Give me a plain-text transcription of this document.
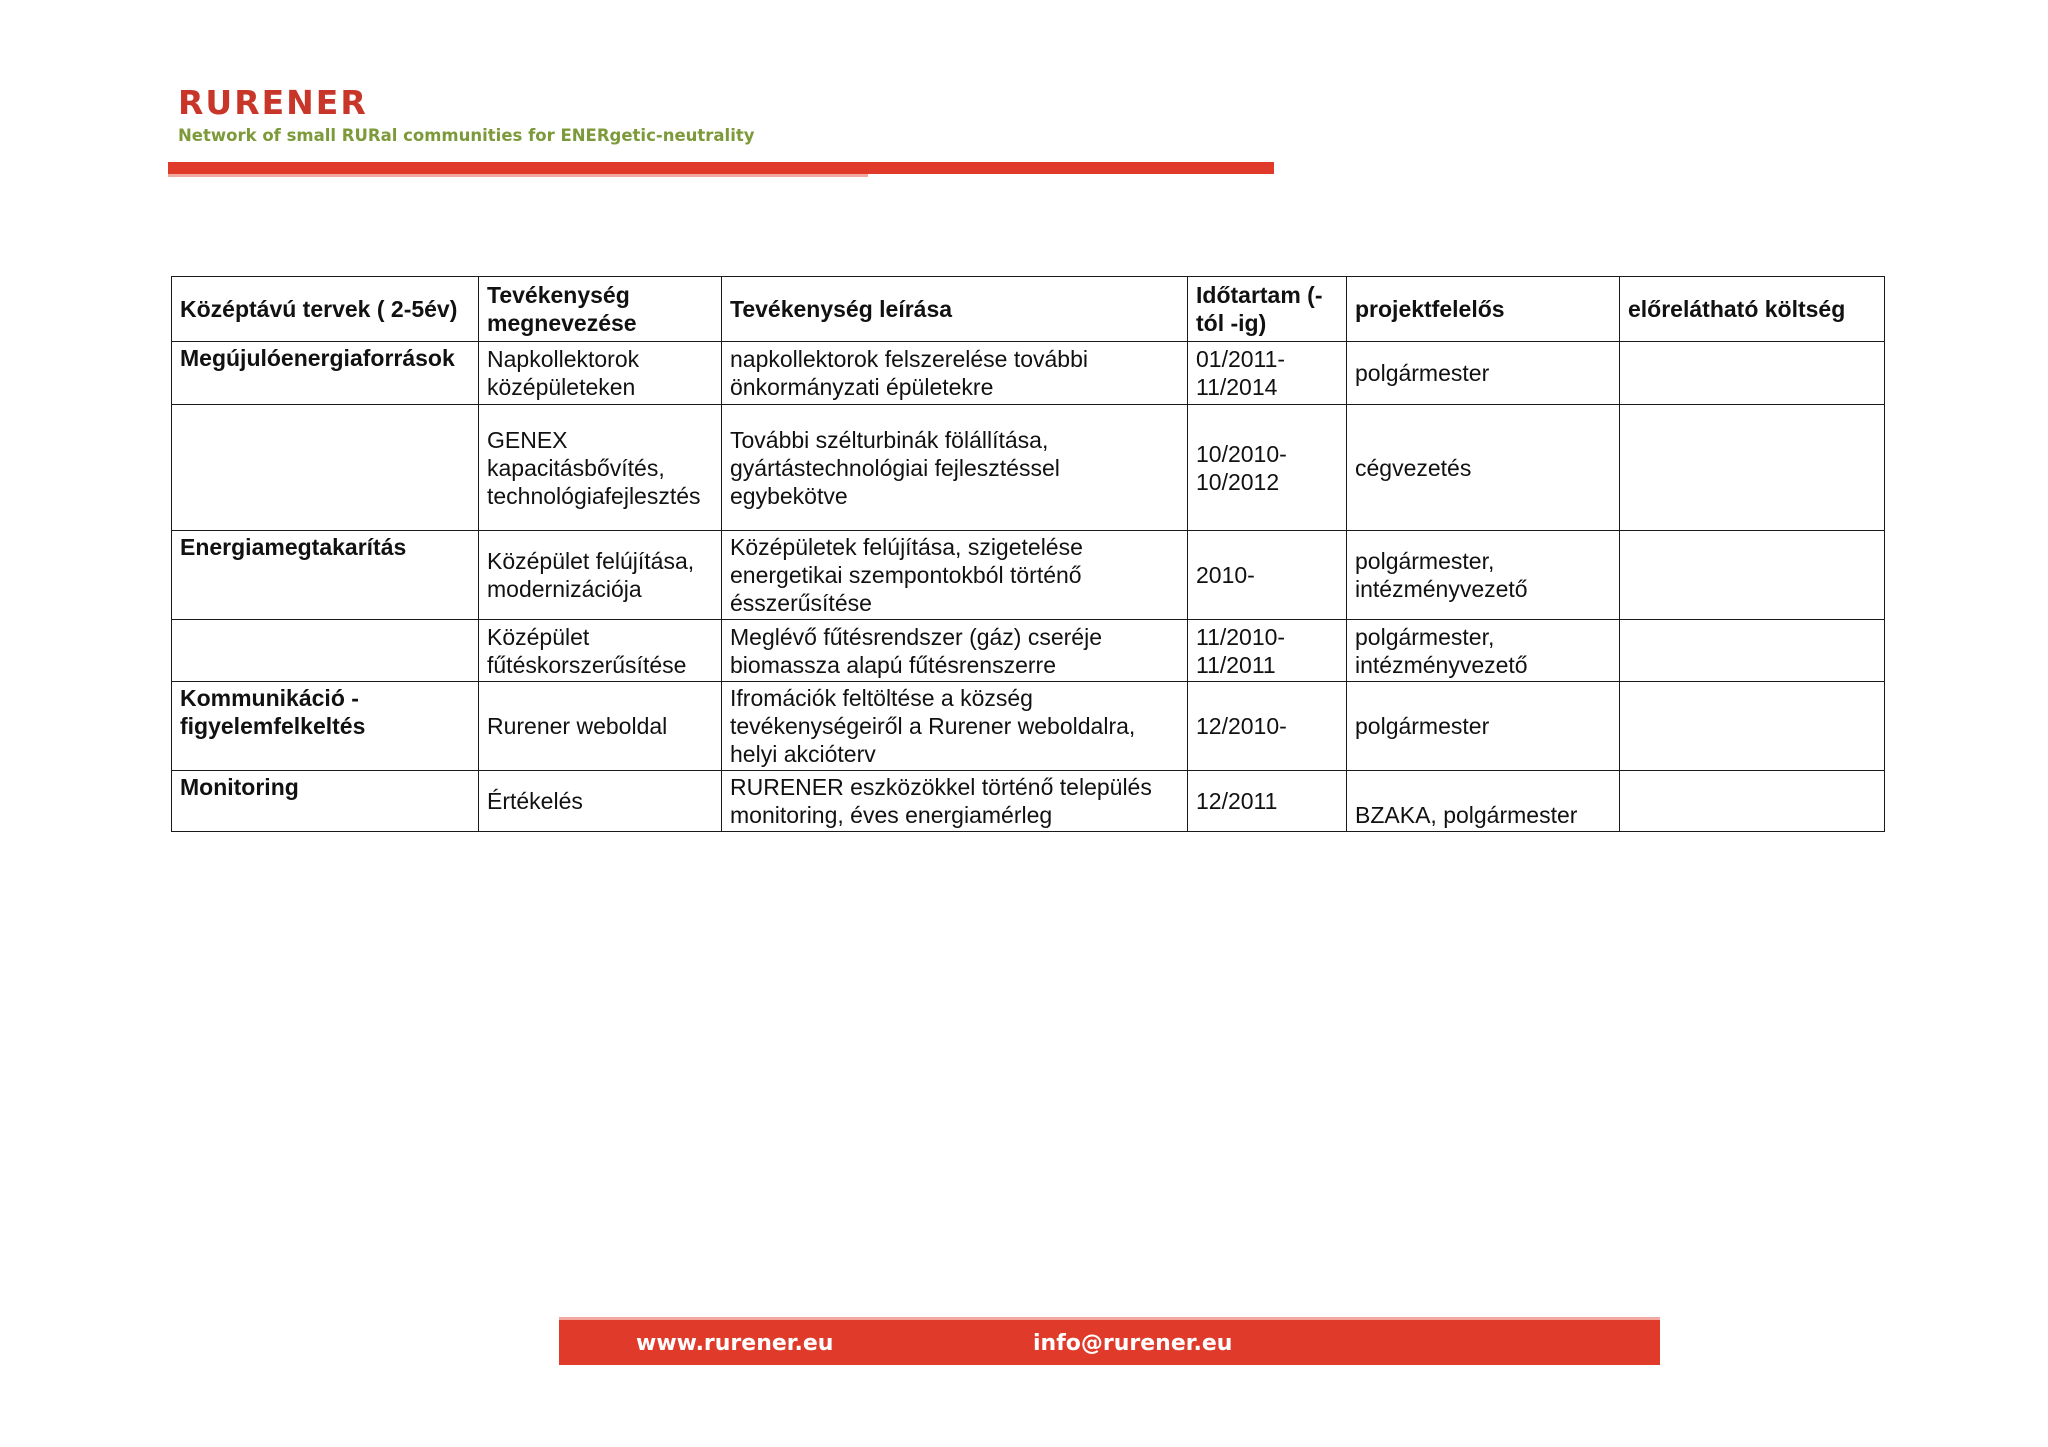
RURENER
Network of small RURal communities for ENERgetic-neutrality
Középtávú tervek ( 2-5év)	Tevékenység megnevezése	Tevékenység leírása	Időtartam (-tól -ig)	projektfelelős	előrelátható költség
Megújulóenergiaforrások	Napkollektorok középületeken	napkollektorok felszerelése további önkormányzati épületekre	01/2011-11/2014	polgármester	
	GENEX kapacitásbővítés, technológiafejlesztés	További szélturbinák fölállítása, gyártástechnológiai fejlesztéssel egybekötve	10/2010-10/2012	cégvezetés	
Energiamegtakarítás	Középület felújítása, modernizációja	Középületek felújítása, szigetelése energetikai szempontokból történő ésszerűsítése	2010-	polgármester, intézményvezető	
	Középület fűtéskorszerűsítése	Meglévő fűtésrendszer (gáz) cseréje biomassza alapú fűtésrenszerre	11/2010-11/2011	polgármester, intézményvezető	
Kommunikáció - figyelemfelkeltés	Rurener weboldal	Ifromációk feltöltése a község tevékenységeiről a Rurener weboldalra, helyi akcióterv	12/2010-	polgármester	
Monitoring	Értékelés	RURENER eszközökkel történő település monitoring, éves energiamérleg	12/2011	BZAKA, polgármester	
www.rurener.eu	info@rurener.eu
